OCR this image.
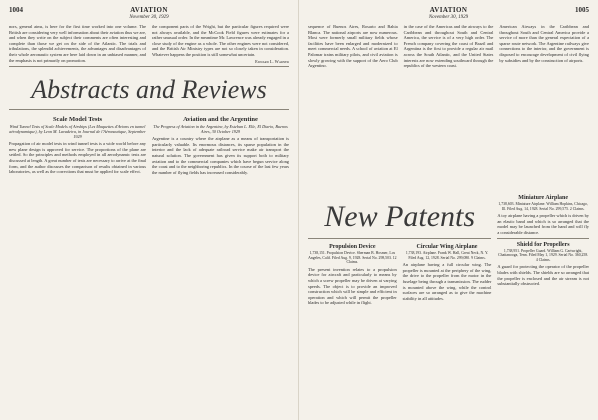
1004	AVIATION
November 30, 1929
nors, general aims, is here for the first time worked into one volume. The British are considering very well information about their aviation thus we are, and when they write on the subject their comments are often interesting and complete than those we get on the side of the Atlantic. The trials and tribulations, the splendid achievements, the advantages and disadvantages of their whole aeronautic system are here laid down in an unbiased manner, and the emphasis is not primarily on promotion.
the component parts of the Wright, but the particular figures required were not always available, and the McCook Field figures were estimates for a rather unusual order. In the meantime Mr. Lawrence was already engaged in a close study of the engine as a whole. The other engines were not considered, and the British Air Ministry types are not so closely taken in consideration. Whatever happens the position is still somewhat uncertain.
Edward L. Warner
Abstracts and Reviews
Scale Model Tests
Wind Tunnel Tests of Scale Models of Airships (Les Maquettes d'Avions en tunnel aérodynamique), by Leon M. Lavadeira, in Journal de l'Aéronautique, September 1929
Propagation of air model tests in wind tunnel tests is a wide world before any new plane design is approved for service. The proportions of the plane are settled. So the principles and methods employed in all aerodynamic tests are discussed at length. A great number of tests are necessary to arrive at the final form, and the author discusses the comparison of results obtained in various laboratories, as well as the corrections that must be applied for scale effect.
Aviation and the Argentine
The Progress of Aviation in the Argentine, by Esteban L. Elle, El Diario, Buenos Aires, 30 October 1929
Argentine is a country where the airplane as a means of transportation is particularly valuable. Its enormous distances, its sparse population in the interior and the lack of adequate railroad service make air transport the natural solution. The government has given its support both to military aviation and to the commercial companies which have begun service along the coast and to the neighboring republics. In the course of the last few years the number of flying fields has increased considerably.
AVIATION
November 30, 1929
1005
sequence of Buenos Aires, Rosario and Bahia Blanca. The national airports are now numerous. Most were formerly small military fields whose facilities have been enlarged and modernized to meet commercial needs. A school of aviation at El Palomar trains military pilots, and civil aviation is slowly growing with the support of the Aero Club Argentino.
in the case of the Americas and the airways to the Caribbean and throughout South and Central America, the service is of a very high order. The French company covering the coast of Brazil and Argentina is the first to provide a regular air mail across the South Atlantic, and the United States interests are now extending southward through the republics of the western coast.
American Airways in the Caribbean and throughout South and Central America provide a service of more than the general expectation of a sparse route network. The Argentine railways give connections to the interior, and the government is disposed to encourage development of civil flying by subsidies and by the construction of airports.
New Patents
Propulsion Device
1,738,151. Propulsion Device. Sherman B. Hosmer, Los Angeles, Calif. Filed Aug. 9, 1928. Serial No. 298,503. 12 Claims.
The present invention relates to a propulsion device for aircraft and particularly to means by which a screw propeller may be driven at varying speeds. The object is to provide an improved construction which will be simple and efficient in operation and which will permit the propeller blades to be adjusted while in flight.
Circular Wing Airplane
1,738,193. Airplane. Frank W. Hall, Great Neck, N. Y. Filed Aug. 12, 1928. Serial No. 299,080. 9 Claims.
An airplane having a full circular wing. The propeller is mounted at the periphery of the wing, the drive to the propeller from the motor in the fuselage being through a transmission. The rudder is mounted above the wing, while the control surfaces are so arranged as to give the machine stability in all attitudes.
Miniature Airplane
1,738,603. Miniature Airplane. William Hopkins, Chicago, Ill. Filed Aug. 14, 1928. Serial No. 299,575. 2 Claims.
A toy airplane having a propeller which is driven by an elastic band and which is so arranged that the model may be launched from the hand and will fly a considerable distance.
Shield for Propellers
1,738,951. Propeller Guard. William G. Cartwright, Chattanooga, Tenn. Filed May 1, 1929. Serial No. 360,258. 4 Claims.
A guard for protecting the operator of the propeller blades with shields. The shields are so arranged that the propeller is enclosed and the air stream is not substantially obstructed.
